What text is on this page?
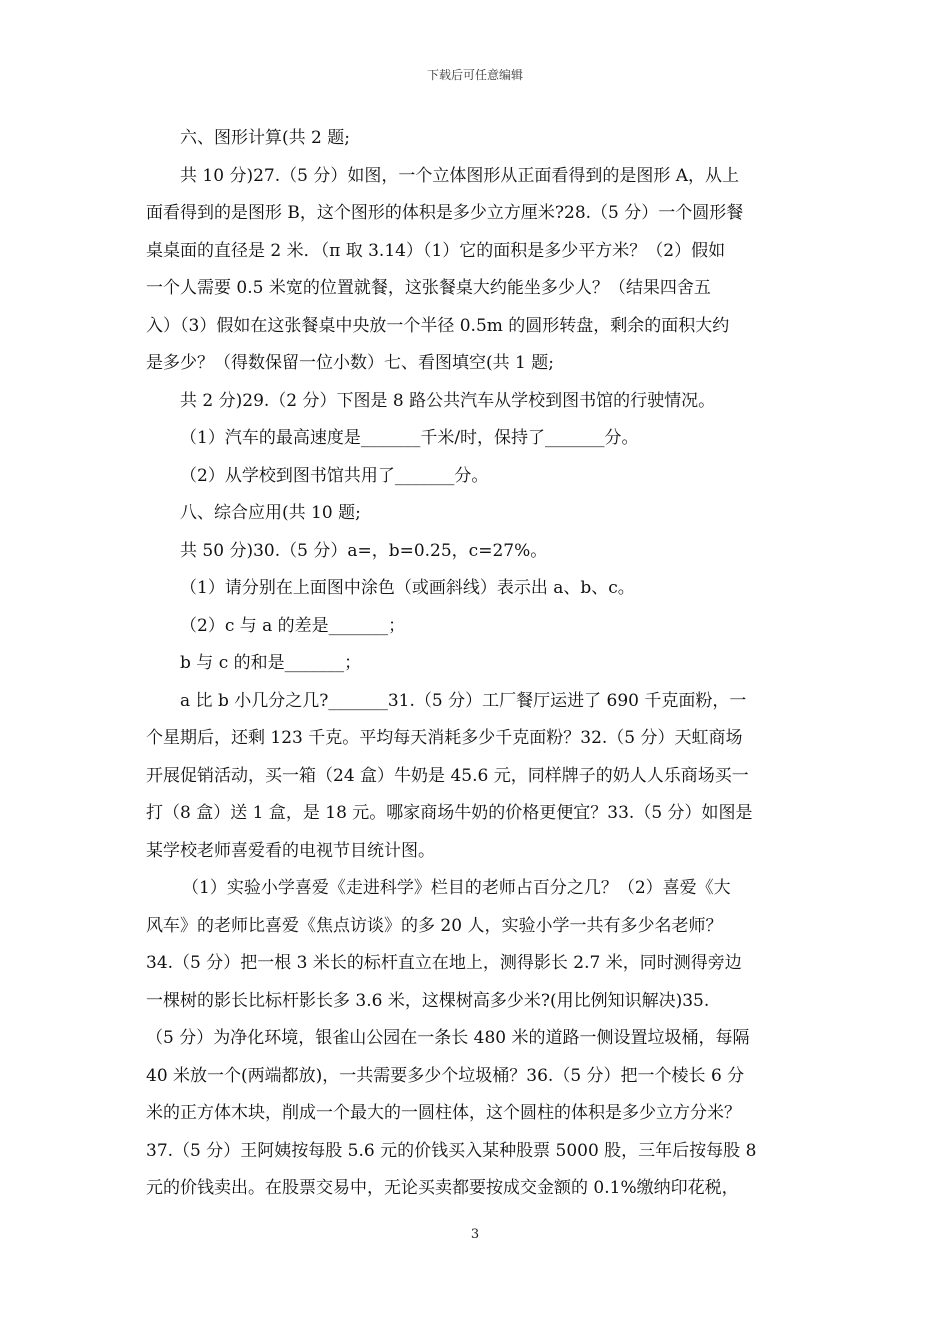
下载后可任意编辑
六、图形计算(共 2 题;
共 10 分)27.（5 分）如图，一个立体图形从正面看得到的是图形 A，从上
面看得到的是图形 B，这个图形的体积是多少立方厘米?28.（5 分）一个圆形餐
桌桌面的直径是 2 米．（π 取 3.14）（1）它的面积是多少平方米？（2）假如
一个人需要 0.5 米宽的位置就餐，这张餐桌大约能坐多少人？（结果四舍五
入）（3）假如在这张餐桌中央放一个半径 0.5m 的圆形转盘，剩余的面积大约
是多少？（得数保留一位小数）七、看图填空(共 1 题;
共 2 分)29.（2 分）下图是 8 路公共汽车从学校到图书馆的行驶情况。
（1）汽车的最高速度是_______千米/时，保持了_______分。
（2）从学校到图书馆共用了_______分。
八、综合应用(共 10 题;
共 50 分)30.（5 分）a=，b=0.25，c=27%。
（1）请分别在上面图中涂色（或画斜线）表示出 a、b、c。
（2）c 与 a 的差是_______；
b 与 c 的和是_______；
a 比 b 小几分之几?_______31.（5 分）工厂餐厅运进了 690 千克面粉，一
个星期后，还剩 123 千克。平均每天消耗多少千克面粉？32.（5 分）天虹商场
开展促销活动，买一箱（24 盒）牛奶是 45.6 元，同样牌子的奶人人乐商场买一
打（8 盒）送 1 盒，是 18 元。哪家商场牛奶的价格更便宜？33.（5 分）如图是
某学校老师喜爱看的电视节目统计图。
（1）实验小学喜爱《走进科学》栏目的老师占百分之几？（2）喜爱《大
风车》的老师比喜爱《焦点访谈》的多 20 人，实验小学一共有多少名老师？
34.（5 分）把一根 3 米长的标杆直立在地上，测得影长 2.7 米，同时测得旁边
一棵树的影长比标杆影长多 3.6 米，这棵树高多少米?(用比例知识解决)35.
（5 分）为净化环境，银雀山公园在一条长 480 米的道路一侧设置垃圾桶，每隔
40 米放一个(两端都放)，一共需要多少个垃圾桶？36.（5 分）把一个棱长 6 分
米的正方体木块，削成一个最大的一圆柱体，这个圆柱的体积是多少立方分米？
37.（5 分）王阿姨按每股 5.6 元的价钱买入某种股票 5000 股，三年后按每股 8
元的价钱卖出。在股票交易中，无论买卖都要按成交金额的 0.1%缴纳印花税，
3
